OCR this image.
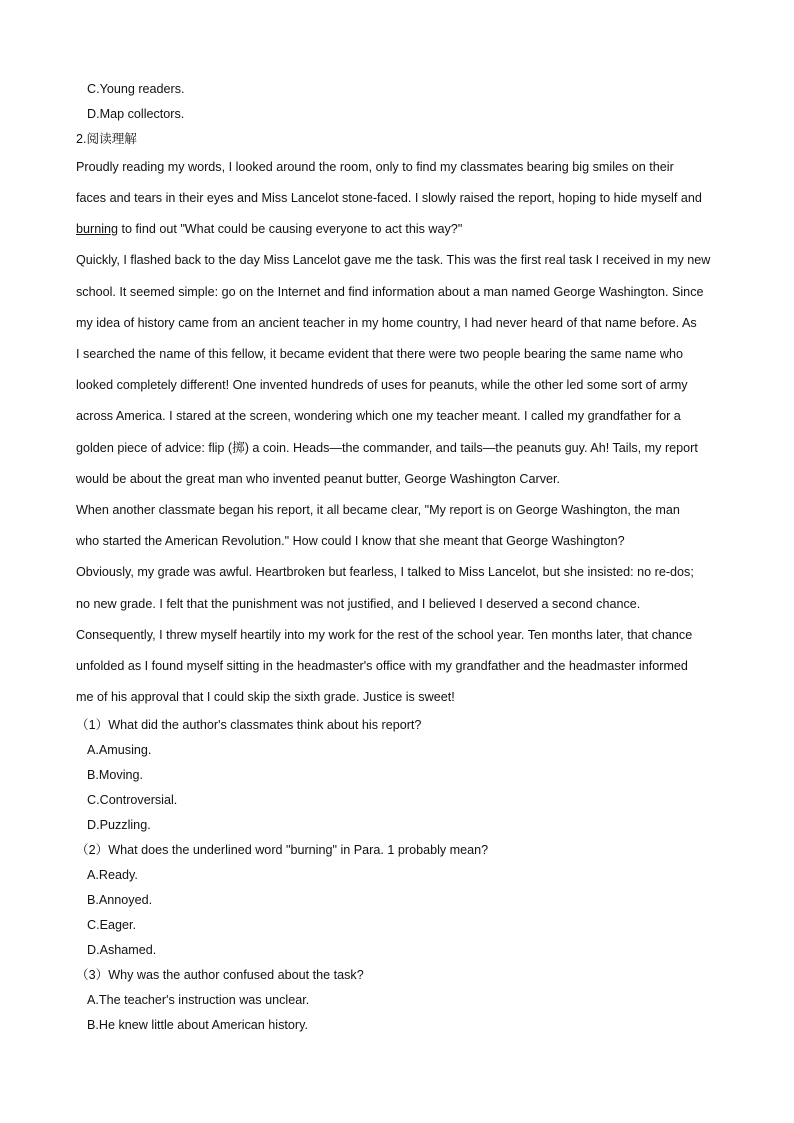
C.Young readers.
D.Map collectors.
2.阅读理解
Proudly reading my words, I looked around the room, only to find my classmates bearing big smiles on their
faces and tears in their eyes and Miss Lancelot stone-faced. I slowly raised the report, hoping to hide myself and
burning to find out "What could be causing everyone to act this way?"
Quickly, I flashed back to the day Miss Lancelot gave me the task. This was the first real task I received in my new
school. It seemed simple: go on the Internet and find information about a man named George Washington. Since
my idea of history came from an ancient teacher in my home country, I had never heard of that name before. As
I searched the name of this fellow, it became evident that there were two people bearing the same name who
looked completely different! One invented hundreds of uses for peanuts, while the other led some sort of army
across America. I stared at the screen, wondering which one my teacher meant. I called my grandfather for a
golden piece of advice: flip (掷) a coin. Heads—the commander, and tails—the peanuts guy. Ah! Tails, my report
would be about the great man who invented peanut butter, George Washington Carver.
When another classmate began his report, it all became clear, "My report is on George Washington, the man
who started the American Revolution." How could I know that she meant that George Washington?
Obviously, my grade was awful. Heartbroken but fearless, I talked to Miss Lancelot, but she insisted: no re-dos;
no new grade. I felt that the punishment was not justified, and I believed I deserved a second chance.
Consequently, I threw myself heartily into my work for the rest of the school year. Ten months later, that chance
unfolded as I found myself sitting in the headmaster's office with my grandfather and the headmaster informed
me of his approval that I could skip the sixth grade. Justice is sweet!
（1）What did the author's classmates think about his report?
A.Amusing.
B.Moving.
C.Controversial.
D.Puzzling.
（2）What does the underlined word "burning" in Para. 1 probably mean?
A.Ready.
B.Annoyed.
C.Eager.
D.Ashamed.
（3）Why was the author confused about the task?
A.The teacher's instruction was unclear.
B.He knew little about American history.
